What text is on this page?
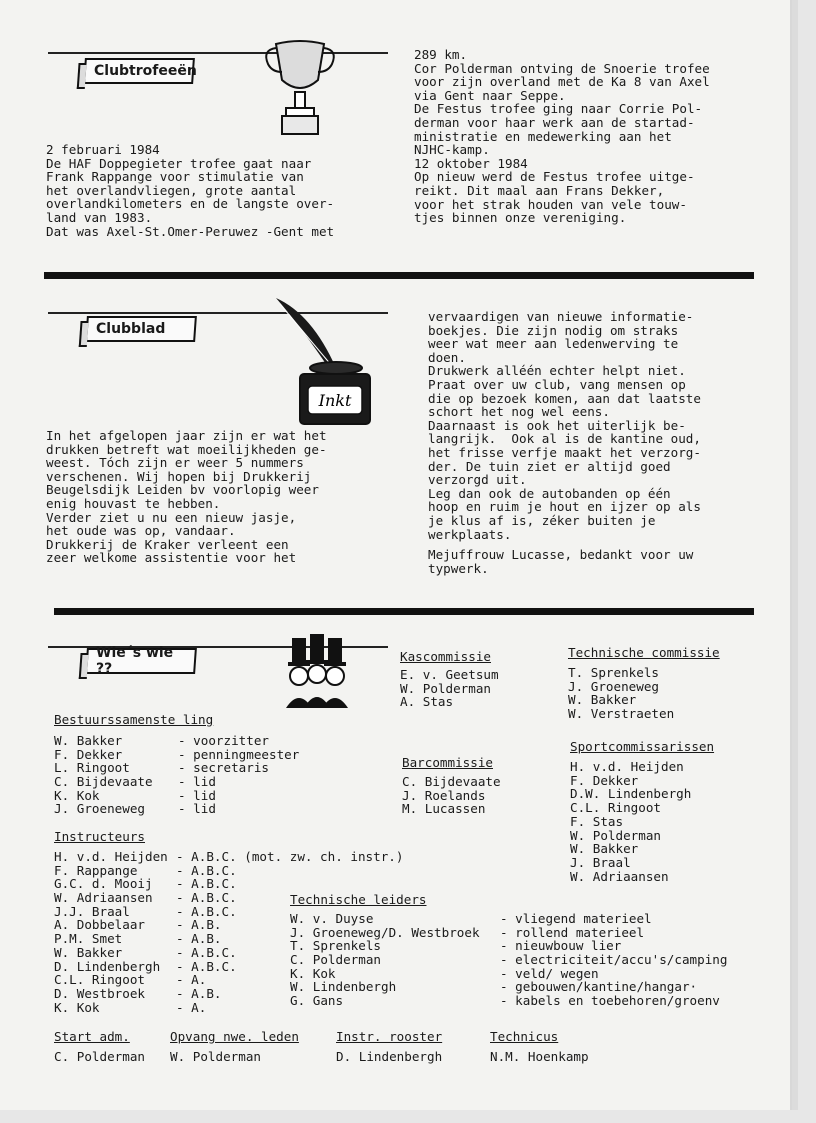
Clubtrofeeën
2 februari 1984
De HAF Doppegieter trofee gaat naar
Frank Rappange voor stimulatie van
het overlandvliegen, grote aantal
overlandkilometers en de langste over-
land van 1983.
Dat was Axel-St.Omer-Peruwez -Gent met
289 km.
Cor Polderman ontving de Snoerie trofee
voor zijn overland met de Ka 8 van Axel
via Gent naar Seppe.
De Festus trofee ging naar Corrie Pol-
derman voor haar werk aan de startad-
ministratie en medewerking aan het
NJHC-kamp.
12 oktober 1984
Op nieuw werd de Festus trofee uitge-
reikt. Dit maal aan Frans Dekker,
voor het strak houden van vele touw-
tjes binnen onze vereniging.
Clubblad
Inkt
In het afgelopen jaar zijn er wat het
drukken betreft wat moeilijkheden ge-
weest. Tóch zijn er weer 5 nummers
verschenen. Wij hopen bij Drukkerij
Beugelsdijk Leiden bv voorlopig weer
enig houvast te hebben.
Verder ziet u nu een nieuw jasje,
het oude was op, vandaar.
Drukkerij de Kraker verleent een
zeer welkome assistentie voor het
vervaardigen van nieuwe informatie-
boekjes. Die zijn nodig om straks
weer wat meer aan ledenwerving te
doen.
Drukwerk alléén echter helpt niet.
Praat over uw club, vang mensen op
die op bezoek komen, aan dat laatste
schort het nog wel eens.
Daarnaast is ook het uiterlijk be-
langrijk.  Ook al is de kantine oud,
het frisse verfje maakt het verzorg-
der. De tuin ziet er altijd goed
verzorgd uit.
Leg dan ook de autobanden op één
hoop en ruim je hout en ijzer op als
je klus af is, zéker buiten je
werkplaats.
Mejuffrouw Lucasse, bedankt voor uw
typwerk.
Wie´s wie ??
Bestuurssamenste ling
W. Bakker	- voorzitter
F. Dekker	- penningmeester
L. Ringoot	- secretaris
C. Bijdevaate - lid
K. Kok	- lid
J. Groeneweg	- lid
Kascommissie
E. v. Geetsum
W. Polderman
A. Stas
Barcommissie
C. Bijdevaate
J. Roelands
M. Lucassen
Technische commissie
T. Sprenkels
J. Groeneweg
W. Bakker
W. Verstraeten
Sportcommissarissen
H. v.d. Heijden
F. Dekker
D.W. Lindenbergh
C.L. Ringoot
F. Stas
W. Polderman
W. Bakker
J. Braal
W. Adriaansen
Instructeurs
H. v.d. Heijden - A.B.C. (mot. zw. ch. instr.)
F. Rappange	- A.B.C.
G.C. d. Mooij - A.B.C.
W. Adriaansen - A.B.C.
J.J. Braal	- A.B.C.
A. Dobbelaar - A.B.
P.M. Smet	- A.B.
W. Bakker	- A.B.C.
D. Lindenbergh - A.B.C.
C.L. Ringoot - A.
D. Westbroek - A.B.
K. Kok	- A.
Technische leiders
W. v. Duyse	- vliegend materieel
J. Groeneweg/D. Westbroek - rollend materieel
T. Sprenkels	- nieuwbouw lier
C. Polderman	- electriciteit/accu's/camping
K. Kok	- veld/ wegen
W. Lindenbergh	- gebouwen/kantine/hangar·
G. Gans	- kabels en toebehoren/groenv
Start adm.
C. Polderman
Opvang nwe. leden
W. Polderman
Instr. rooster
D. Lindenbergh
Technicus
N.M. Hoenkamp
